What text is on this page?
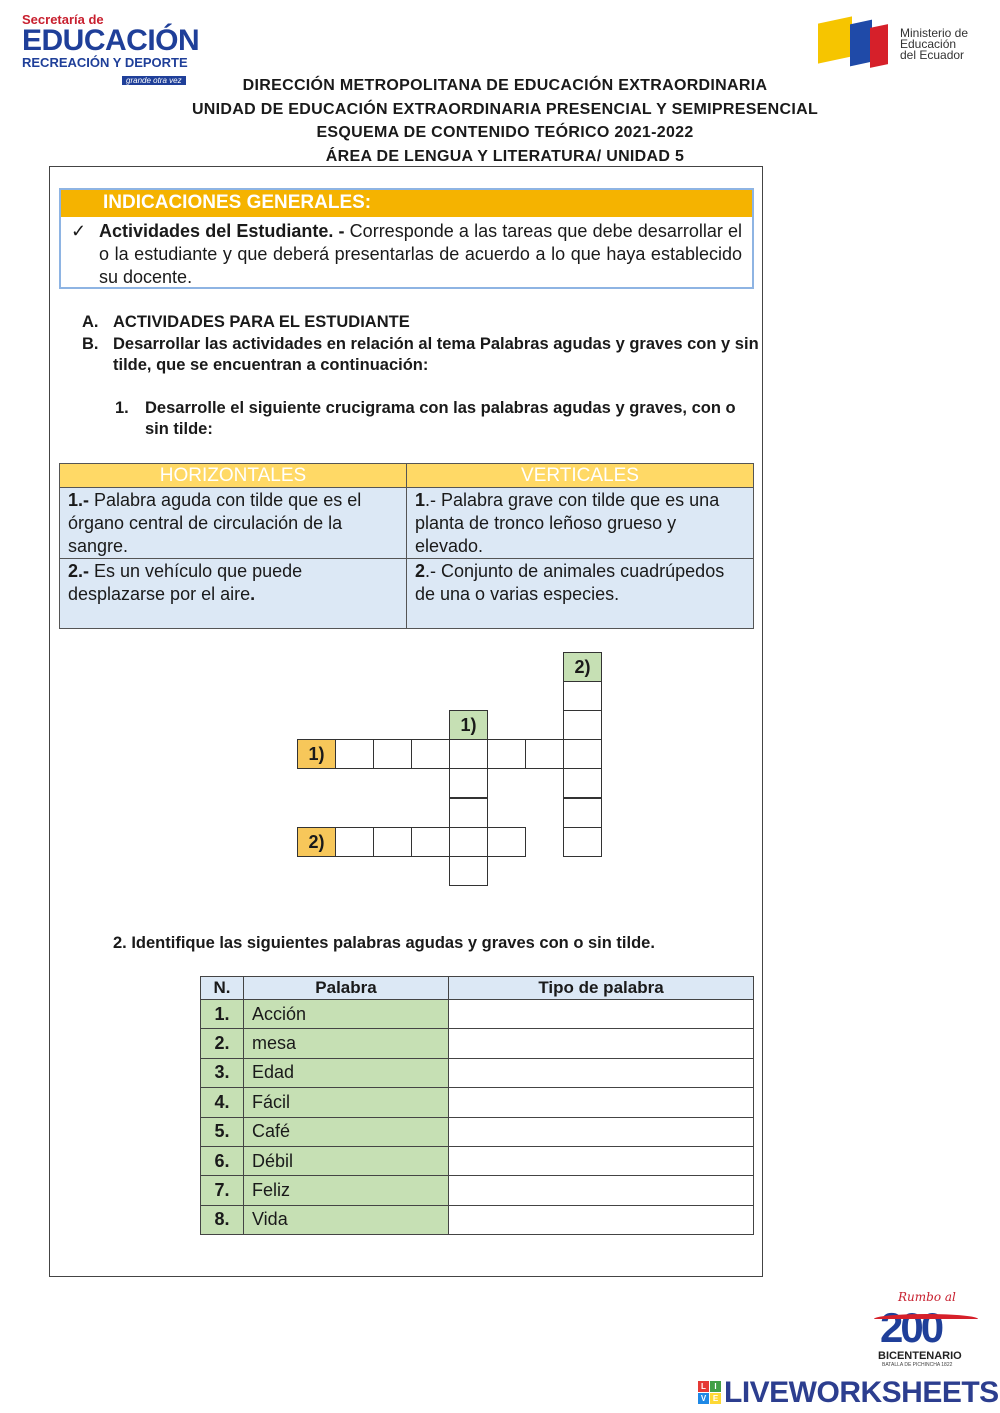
Secretaría de
EDUCACIÓN
RECREACIÓN Y DEPORTE
grande otra vez
Ministerio de
Educación
del Ecuador
DIRECCIÓN METROPOLITANA DE EDUCACIÓN EXTRAORDINARIA
UNIDAD DE EDUCACIÓN EXTRAORDINARIA PRESENCIAL Y SEMIPRESENCIAL
ESQUEMA DE CONTENIDO TEÓRICO 2021-2022
ÁREA DE LENGUA Y LITERATURA/ UNIDAD 5
INDICACIONES GENERALES:
✓ Actividades del Estudiante. - Corresponde a las tareas que debe desarrollar el o la estudiante y que deberá presentarlas de acuerdo a lo que haya establecido su docente.
A. ACTIVIDADES PARA EL ESTUDIANTE
B. Desarrollar las actividades en relación al tema Palabras agudas y graves con y sin tilde, que se encuentran a continuación:
1. Desarrolle el siguiente crucigrama con las palabras agudas y graves, con o sin tilde:
HORIZONTALES	VERTICALES
1.- Palabra aguda con tilde que es el órgano central de circulación de la sangre.	1.- Palabra grave con tilde que es una planta de tronco leñoso grueso y elevado.
2.- Es un vehículo que puede desplazarse por el aire.	2.- Conjunto de animales cuadrúpedos de una o varias especies.
2)
1)
1)
2)
2. Identifique las siguientes palabras agudas y graves con o sin tilde.
N.	Palabra	Tipo de palabra
1.	Acción	
2.	mesa	
3.	Edad	
4.	Fácil	
5.	Café	
6.	Débil	
7.	Feliz	
8.	Vida	
Rumbo al
200
BICENTENARIO
BATALLA DE PICHINCHA 1822
L	I
V E LIVEWORKSHEETS
